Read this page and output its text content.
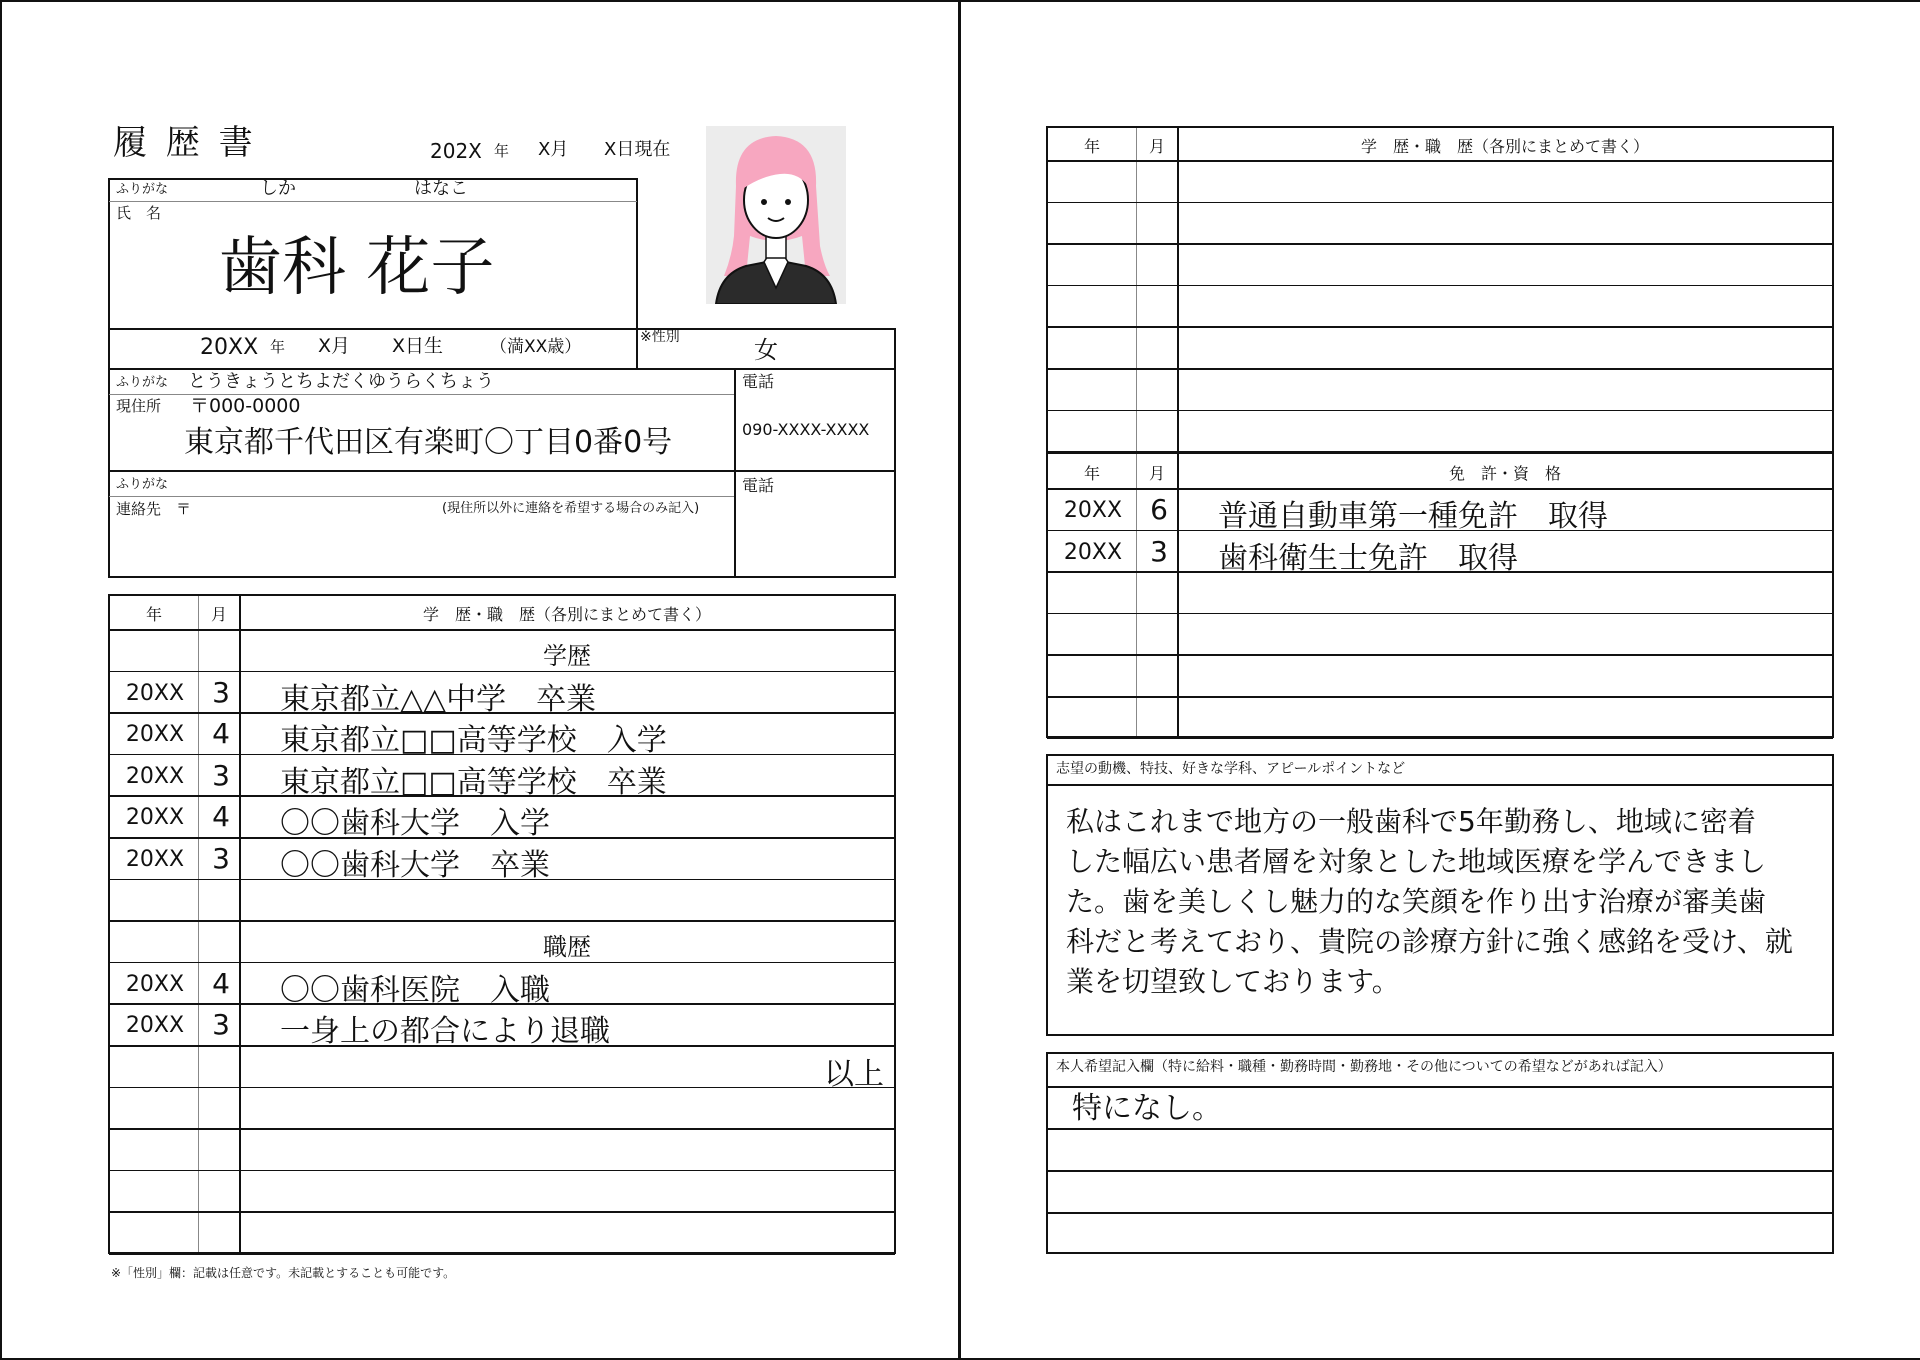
履 歴 書	202X 年 X月 X日現在
ふりがな	しか	はなこ
氏　名
歯科 花子
20XX 年 X月 X日生	（満XX歳）	※性別	女
ふりがな とうきょうとちよだくゆうらくちょう
現住所 〒000-0000
東京都千代田区有楽町〇丁目0番0号
電話
090-XXXX-XXXX
ふりがな
連絡先　〒	(現住所以外に連絡を希望する場合のみ記入)
電話
年	月	学　歴・職　歴（各別にまとめて書く）
学歴
20XX	3	東京都立△△中学　卒業
20XX	4	東京都立□□高等学校　入学
20XX	3	東京都立□□高等学校　卒業
20XX	4	〇〇歯科大学　入学
20XX	3	〇〇歯科大学　卒業
職歴
20XX	4	〇〇歯科医院　入職
20XX	3	一身上の都合により退職
以上
※「性別」欄：記載は任意です。未記載とすることも可能です。
年	月	学　歴・職　歴（各別にまとめて書く）
年	月	免　許・資　格
20XX	6	普通自動車第一種免許　取得
20XX	3	歯科衛生士免許　取得
志望の動機、特技、好きな学科、アピールポイントなど
私はこれまで地方の一般歯科で5年勤務し、地域に密着
した幅広い患者層を対象とした地域医療を学んできまし
た。歯を美しくし魅力的な笑顔を作り出す治療が審美歯
科だと考えており、貴院の診療方針に強く感銘を受け、就
業を切望致しております。
本人希望記入欄（特に給料・職種・勤務時間・勤務地・その他についての希望などがあれば記入）
特になし。
